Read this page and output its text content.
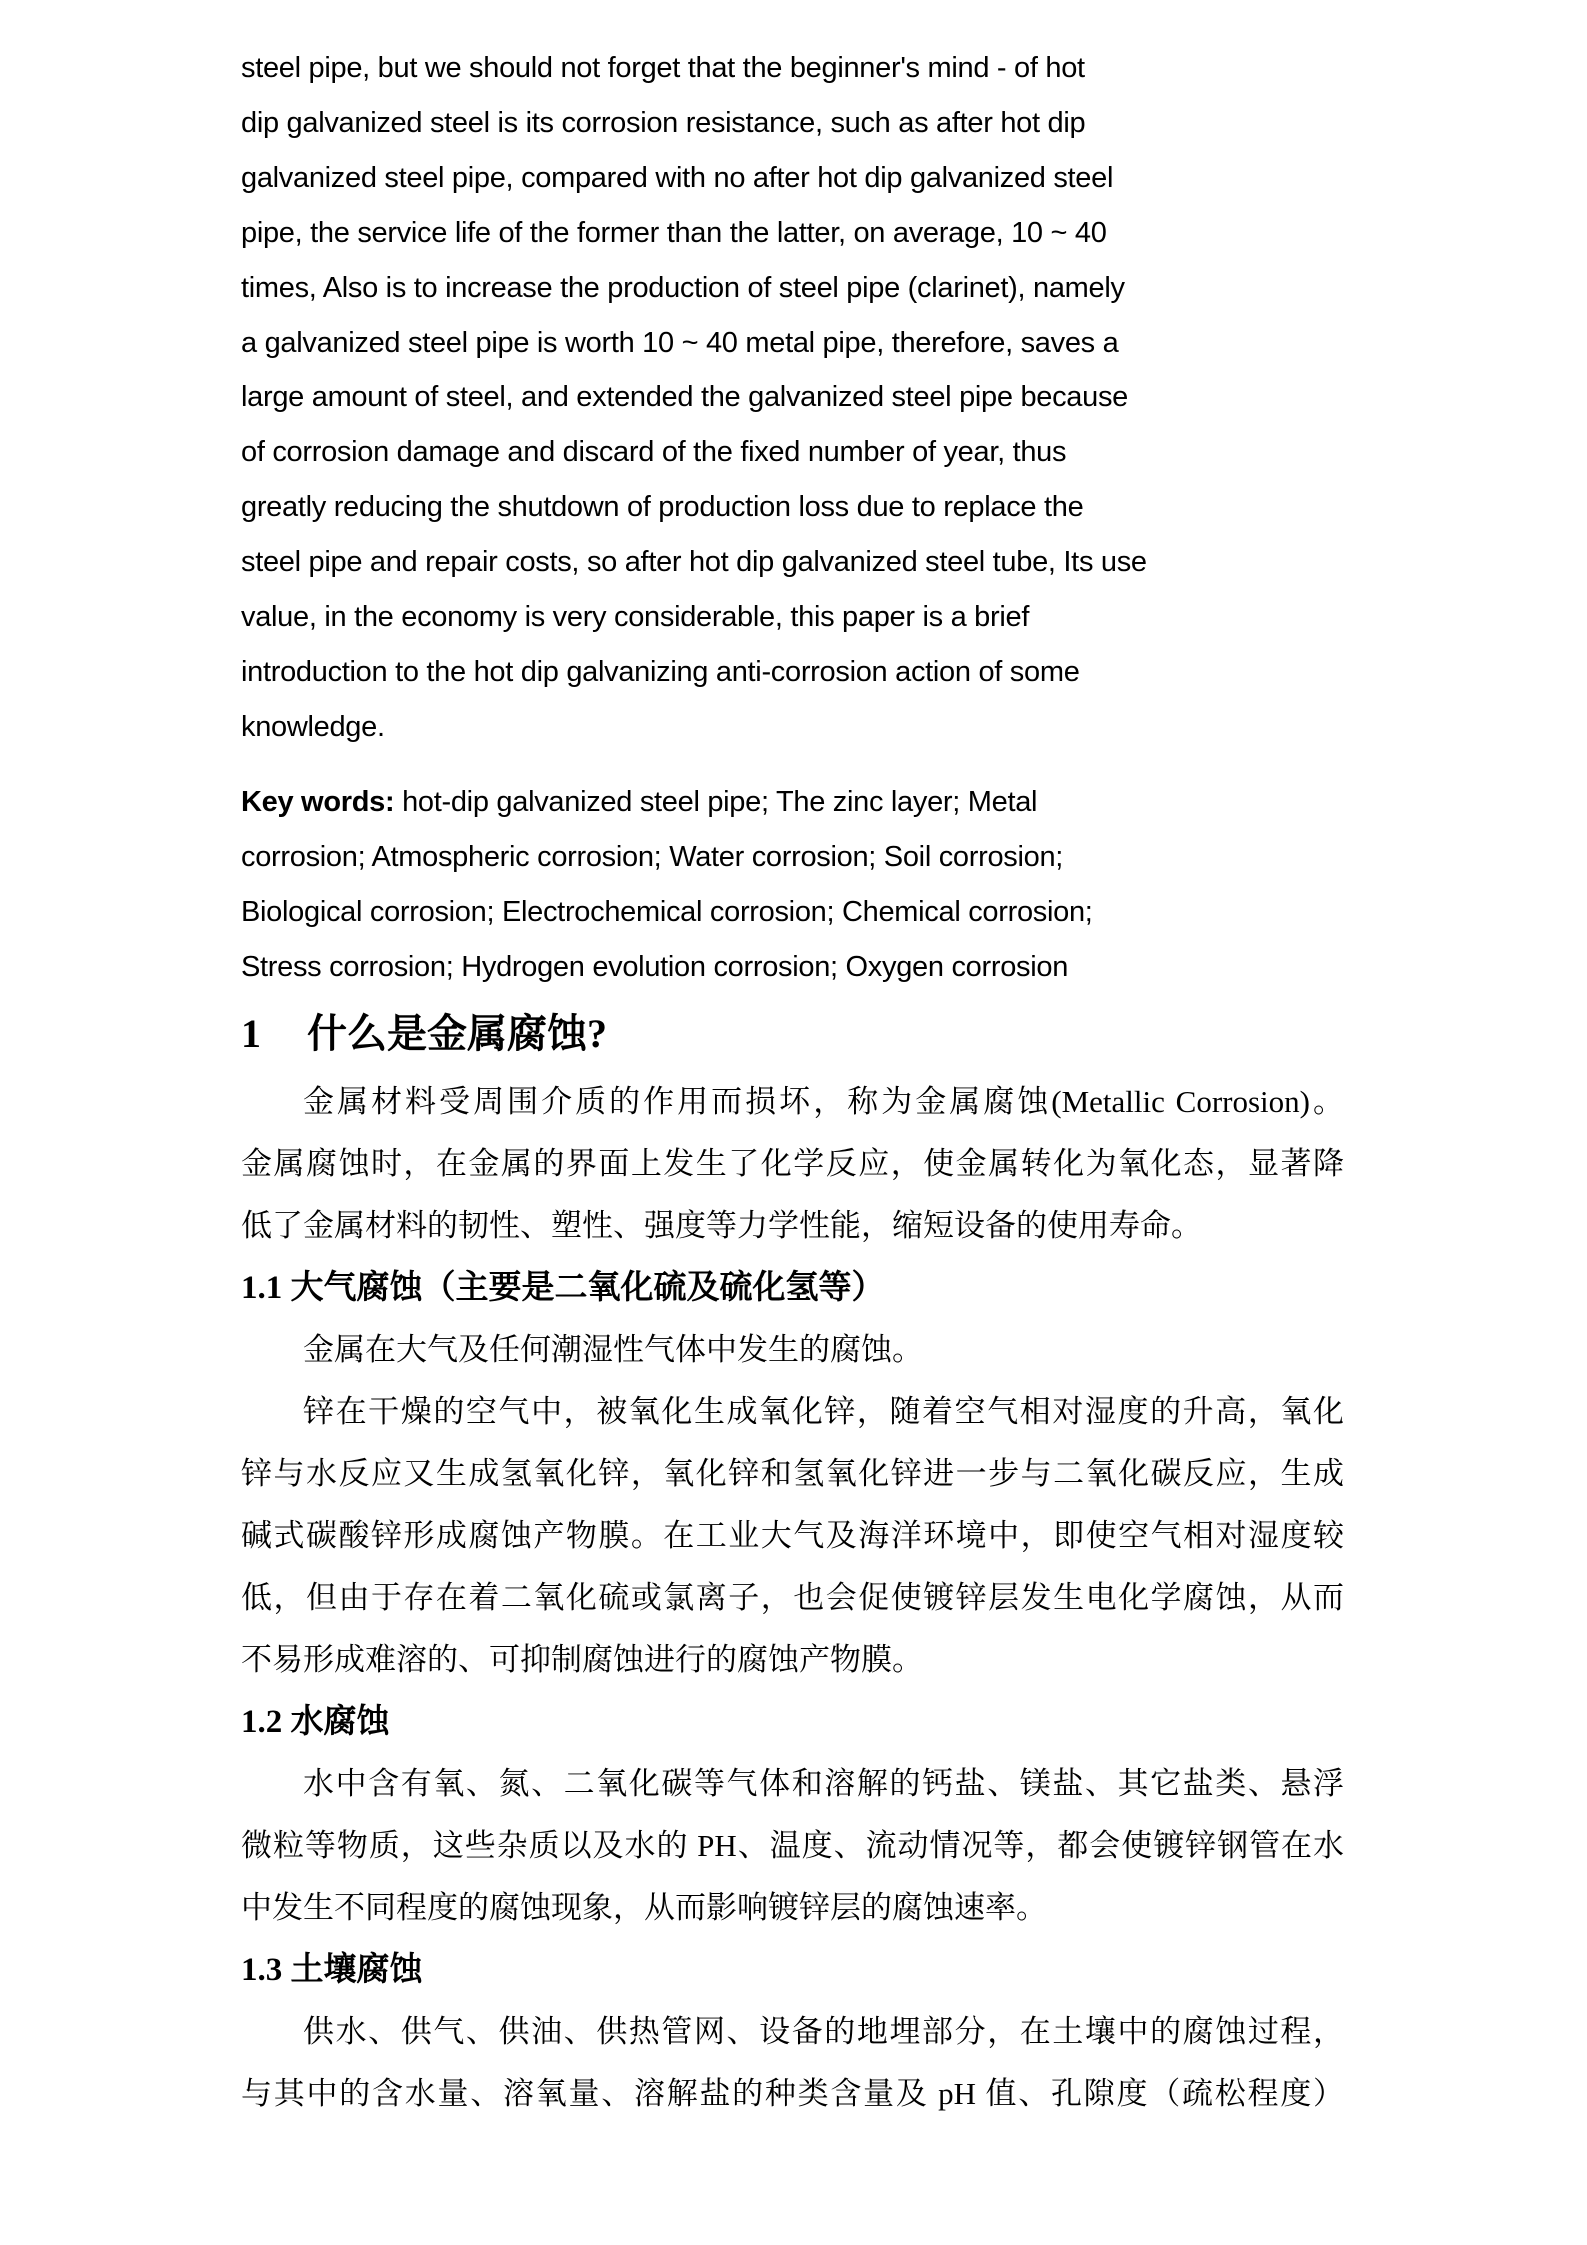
steel pipe, but we should not forget that the beginner's mind - of hot
dip galvanized steel is its corrosion resistance, such as after hot dip
galvanized steel pipe, compared with no after hot dip galvanized steel
pipe, the service life of the former than the latter, on average, 10 ~ 40
times, Also is to increase the production of steel pipe (clarinet), namely
a galvanized steel pipe is worth 10 ~ 40 metal pipe, therefore, saves a
large amount of steel, and extended the galvanized steel pipe because
of corrosion damage and discard of the fixed number of year, thus
greatly reducing the shutdown of production loss due to replace the
steel pipe and repair costs, so after hot dip galvanized steel tube, Its use
value, in the economy is very considerable, this paper is a brief
introduction to the hot dip galvanizing anti-corrosion action of some
knowledge.
Key words: hot-dip galvanized steel pipe; The zinc layer; Metal
corrosion; Atmospheric corrosion; Water corrosion; Soil corrosion;
Biological corrosion; Electrochemical corrosion; Chemical corrosion;
Stress corrosion; Hydrogen evolution corrosion; Oxygen corrosion
1 什么是金属腐蚀?
金属材料受周围介质的作用而损坏，称为金属腐蚀(Metallic Corrosion)。
金属腐蚀时，在金属的界面上发生了化学反应，使金属转化为氧化态，显著降
低了金属材料的韧性、塑性、强度等力学性能，缩短设备的使用寿命。
1.1 大气腐蚀（主要是二氧化硫及硫化氢等）
金属在大气及任何潮湿性气体中发生的腐蚀。
锌在干燥的空气中，被氧化生成氧化锌，随着空气相对湿度的升高，氧化
锌与水反应又生成氢氧化锌，氧化锌和氢氧化锌进一步与二氧化碳反应，生成
碱式碳酸锌形成腐蚀产物膜。在工业大气及海洋环境中，即使空气相对湿度较
低，但由于存在着二氧化硫或氯离子，也会促使镀锌层发生电化学腐蚀，从而
不易形成难溶的、可抑制腐蚀进行的腐蚀产物膜。
1.2 水腐蚀
水中含有氧、氮、二氧化碳等气体和溶解的钙盐、镁盐、其它盐类、悬浮
微粒等物质，这些杂质以及水的 PH、温度、流动情况等，都会使镀锌钢管在水
中发生不同程度的腐蚀现象，从而影响镀锌层的腐蚀速率。
1.3 土壤腐蚀
供水、供气、供油、供热管网、设备的地埋部分，在土壤中的腐蚀过程，
与其中的含水量、溶氧量、溶解盐的种类含量及 pH 值、孔隙度（疏松程度）
